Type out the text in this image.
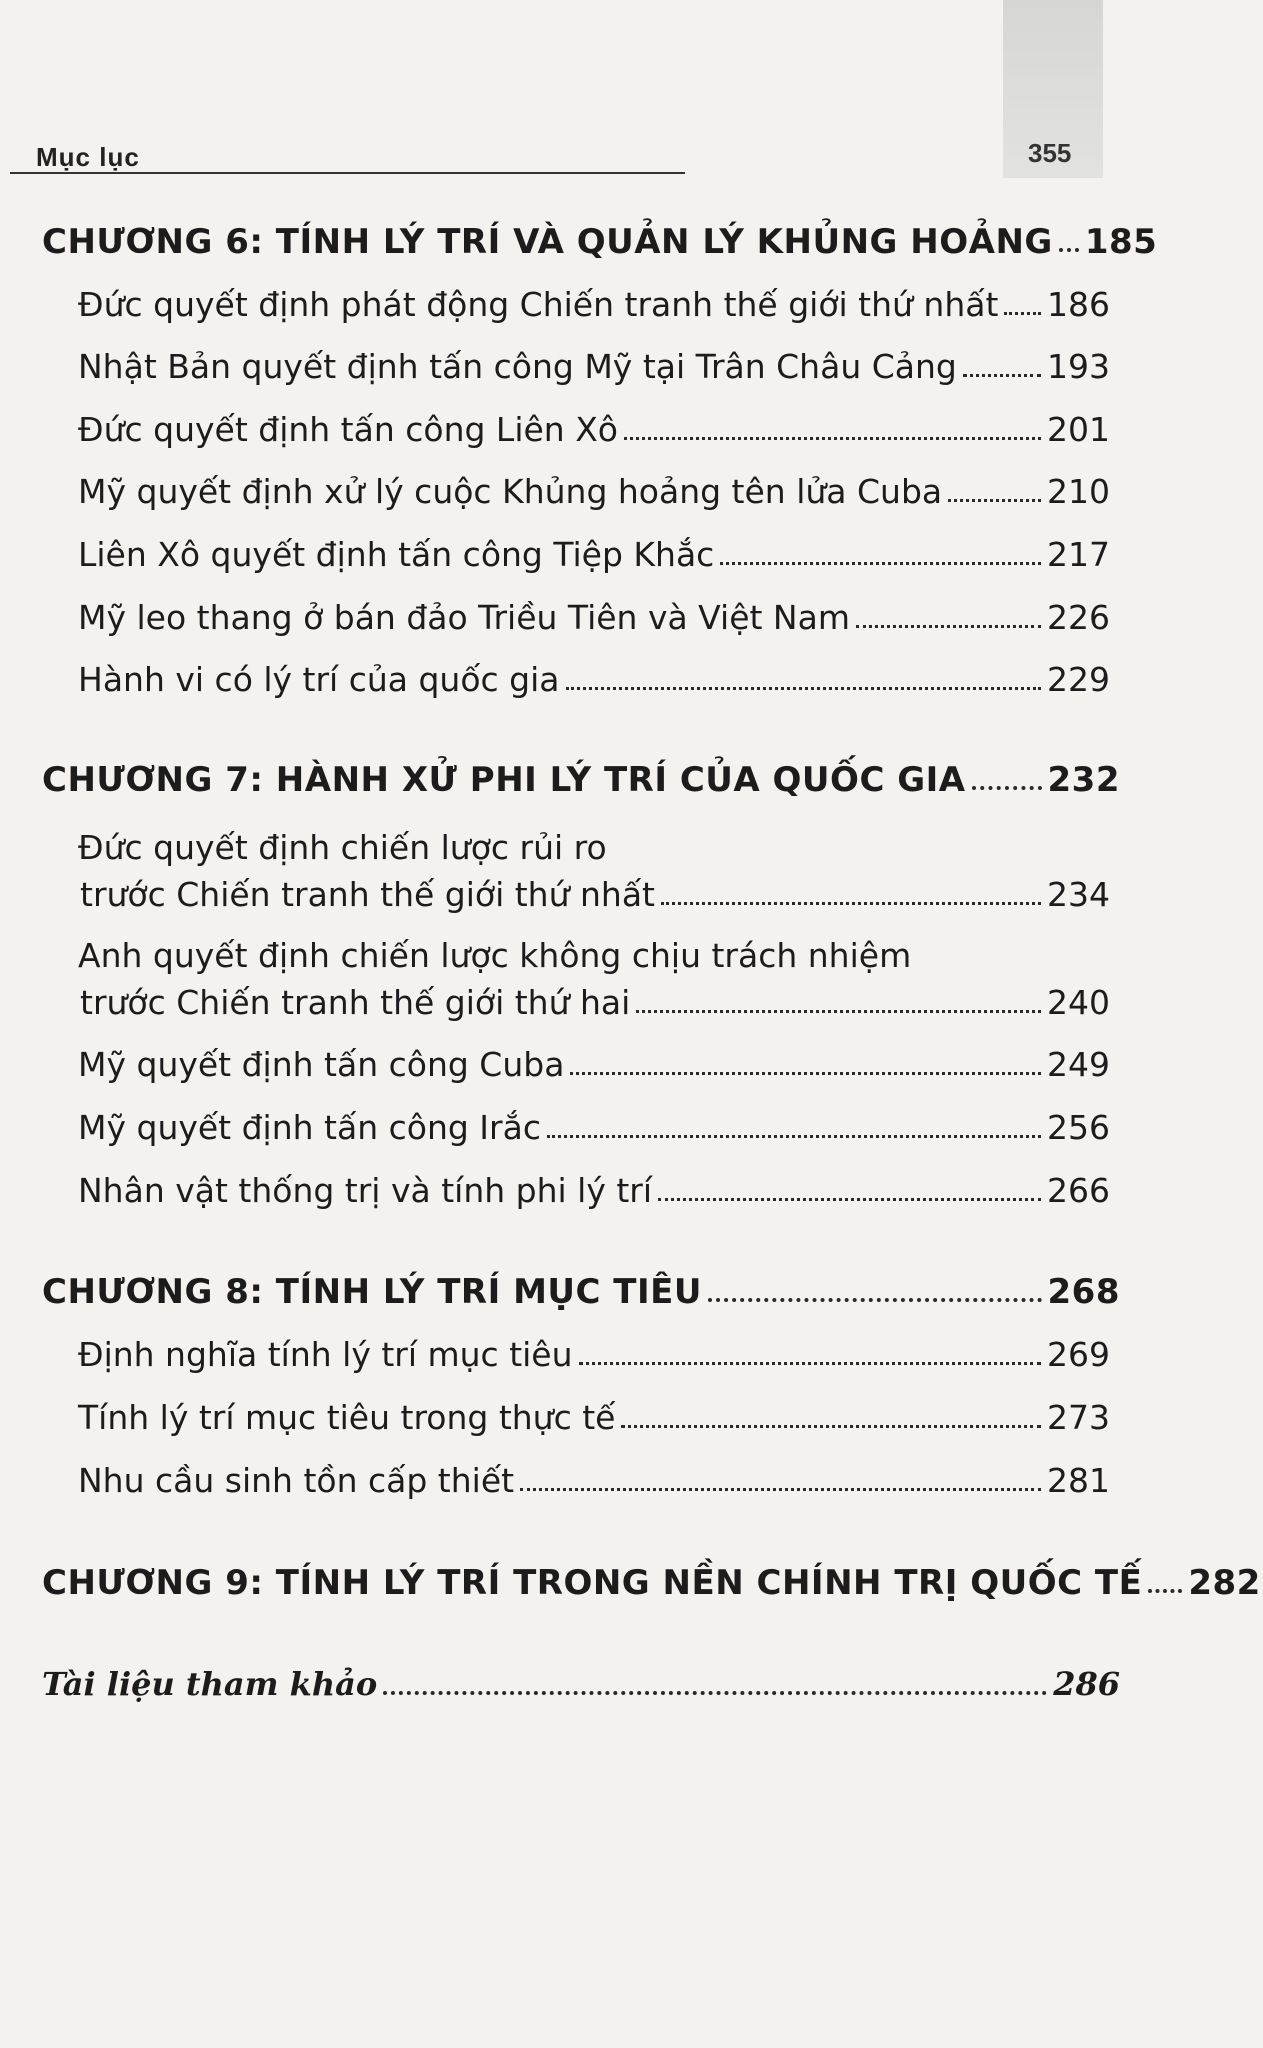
Mục lục	355
CHƯƠNG 6: TÍNH LÝ TRÍ VÀ QUẢN LÝ KHỦNG HOẢNG 185
Đức quyết định phát động Chiến tranh thế giới thứ nhất 186
Nhật Bản quyết định tấn công Mỹ tại Trân Châu Cảng	193
Đức quyết định tấn công Liên Xô	201
Mỹ quyết định xử lý cuộc Khủng hoảng tên lửa Cuba	210
Liên Xô quyết định tấn công Tiệp Khắc	217
Mỹ leo thang ở bán đảo Triều Tiên và Việt Nam	226
Hành vi có lý trí của quốc gia	229
CHƯƠNG 7: HÀNH XỬ PHI LÝ TRÍ CỦA QUỐC GIA 232
Đức quyết định chiến lược rủi ro
trước Chiến tranh thế giới thứ nhất	234
Anh quyết định chiến lược không chịu trách nhiệm
trước Chiến tranh thế giới thứ hai	240
Mỹ quyết định tấn công Cuba	249
Mỹ quyết định tấn công Irắc	256
Nhân vật thống trị và tính phi lý trí	266
CHƯƠNG 8: TÍNH LÝ TRÍ MỤC TIÊU	268
Định nghĩa tính lý trí mục tiêu	269
Tính lý trí mục tiêu trong thực tế	273
Nhu cầu sinh tồn cấp thiết	281
CHƯƠNG 9: TÍNH LÝ TRÍ TRONG NỀN CHÍNH TRỊ QUỐC TẾ 282
Tài liệu tham khảo	286
